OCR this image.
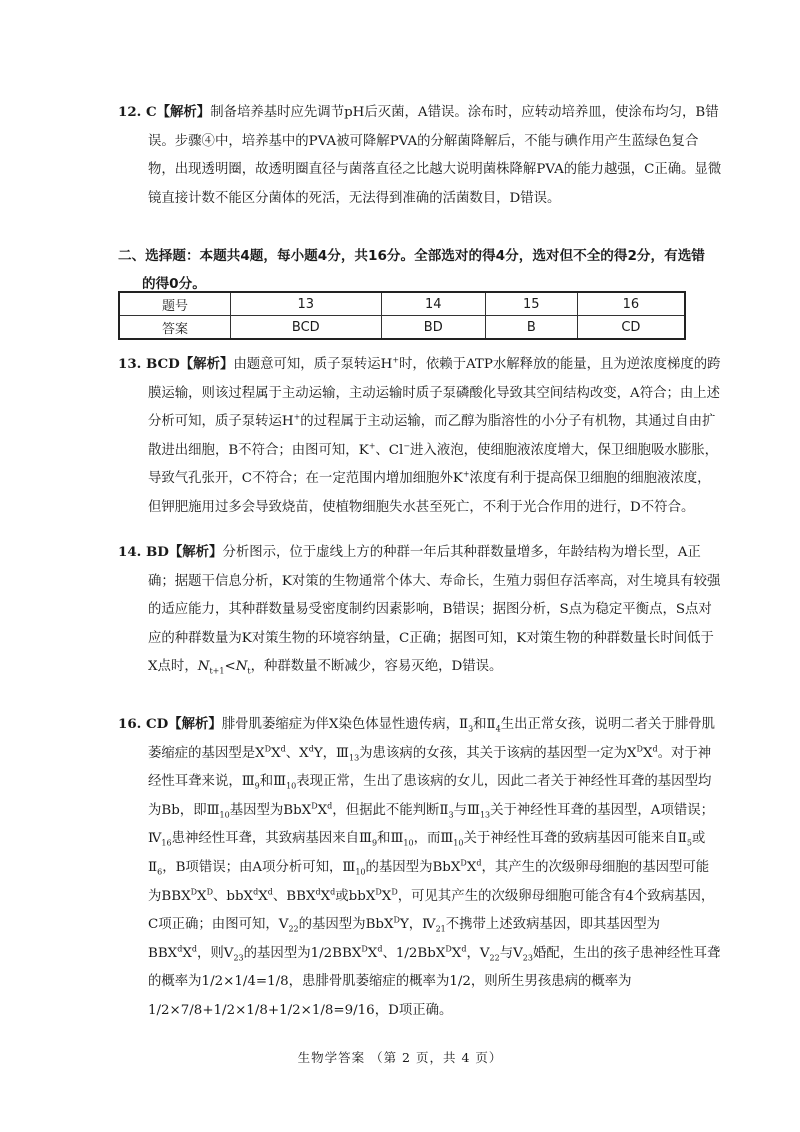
12. C【解析】制备培养基时应先调节pH后灭菌，A错误。涂布时，应转动培养皿，使涂布均匀，B错误。步骤④中，培养基中的PVA被可降解PVA的分解菌降解后，不能与碘作用产生蓝绿色复合物，出现透明圈，故透明圈直径与菌落直径之比越大说明菌株降解PVA的能力越强，C正确。显微镜直接计数不能区分菌体的死活，无法得到准确的活菌数目，D错误。

二、选择题：本题共4题，每小题4分，共16分。全部选对的得4分，选对但不全的得2分，有选错的得0分。

题号	13	14	15	16
答案	BCD	BD	B	CD

13. BCD【解析】由题意可知，质子泵转运H+时，依赖于ATP水解释放的能量，且为逆浓度梯度的跨膜运输，则该过程属于主动运输，主动运输时质子泵磷酸化导致其空间结构改变，A符合；由上述分析可知，质子泵转运H+的过程属于主动运输，而乙醇为脂溶性的小分子有机物，其通过自由扩散进出细胞，B不符合；由图可知，K+、Cl−进入液泡，使细胞液浓度增大，保卫细胞吸水膨胀，导致气孔张开，C不符合；在一定范围内增加细胞外K+浓度有利于提高保卫细胞的细胞液浓度，但钾肥施用过多会导致烧苗，使植物细胞失水甚至死亡，不利于光合作用的进行，D不符合。

14. BD【解析】分析图示，位于虚线上方的种群一年后其种群数量增多，年龄结构为增长型，A正确；据题干信息分析，K对策的生物通常个体大、寿命长，生殖力弱但存活率高，对生境具有较强的适应能力，其种群数量易受密度制约因素影响，B错误；据图分析，S点为稳定平衡点，S点对应的种群数量为K对策生物的环境容纳量，C正确；据图可知，K对策生物的种群数量长时间低于X点时，$N_{t+1}<N_t$，种群数量不断减少，容易灭绝，D错误。

16. CD【解析】腓骨肌萎缩症为伴X染色体显性遗传病，$Ⅱ_3$和$Ⅱ_4$生出正常女孩，说明二者关于腓骨肌萎缩症的基因型是$X^DX^d$、$X^dY$，$Ⅲ_{13}$为患该病的女孩，其关于该病的基因型一定为$X^DX^d$。对于神经性耳聋来说，$Ⅲ_9$和$Ⅲ_{10}$表现正常，生出了患该病的女儿，因此二者关于神经性耳聋的基因型均为Bb，即$Ⅲ_{10}$基因型为$BbX^DX^d$，但据此不能判断$Ⅱ_3$与$Ⅲ_{13}$关于神经性耳聋的基因型，A项错误；$Ⅳ_{16}$患神经性耳聋，其致病基因来自$Ⅲ_9$和$Ⅲ_{10}$，而$Ⅲ_{10}$关于神经性耳聋的致病基因可能来自$Ⅱ_5$或$Ⅱ_6$，B项错误；由A项分析可知，$Ⅲ_{10}$的基因型为$BbX^DX^d$，其产生的次级卵母细胞的基因型可能为$BBX^DX^D$、$bbX^dX^d$、$BBX^dX^d$或$bbX^DX^D$，可见其产生的次级卵母细胞可能含有4个致病基因，C项正确；由图可知，$Ⅴ_{22}$的基因型为BbX$^D$Y，$Ⅳ_{21}$不携带上述致病基因，即其基因型为$BBX^dX^d$，则$Ⅴ_{23}$的基因型为$1/2BBX^DX^d$、$1/2BbX^DX^d$，$Ⅴ_{22}$与$Ⅴ_{23}$婚配，生出的孩子患神经性耳聋的概率为1/2×1/4=1/8，患腓骨肌萎缩症的概率为1/2，则所生男孩患病的概率为1/2×7/8+1/2×1/8+1/2×1/8=9/16，D项正确。

生物学答案 （第 2 页，共 4 页）
